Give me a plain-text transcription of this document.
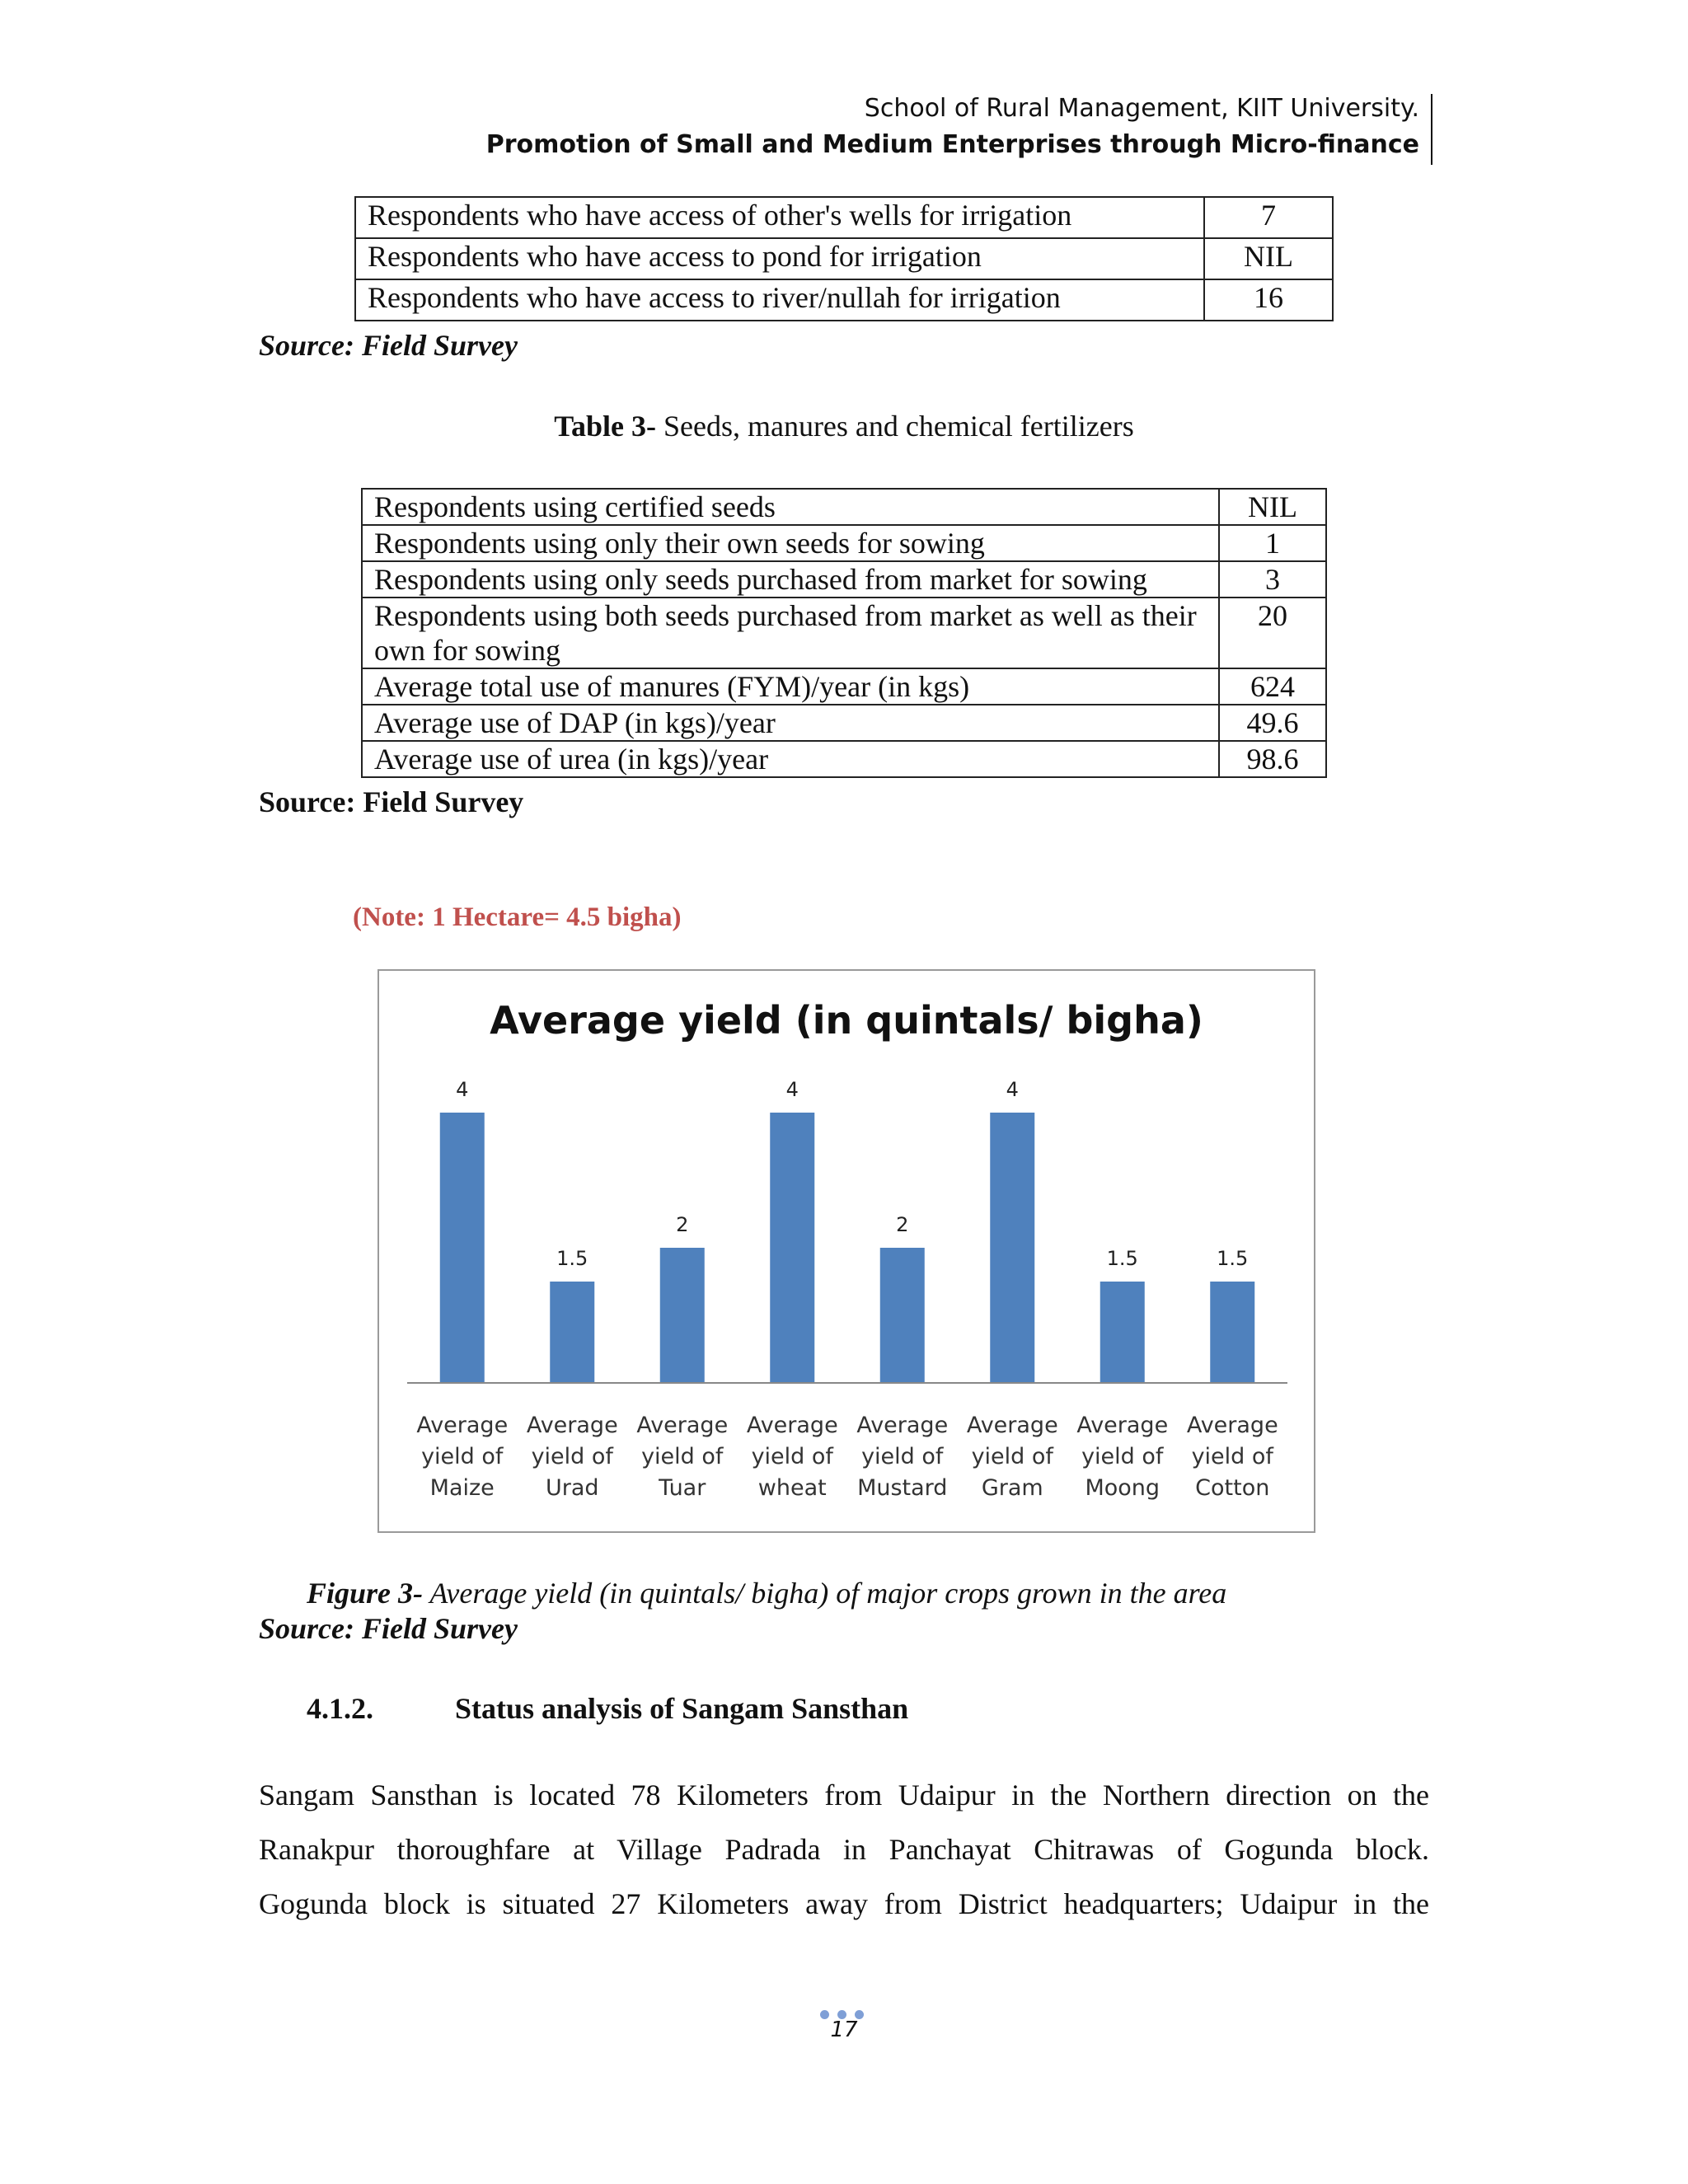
School of Rural Management, KIIT University.
Promotion of Small and Medium Enterprises through Micro-finance
Respondents who have access of other's wells for irrigation	7
Respondents who have access to pond for irrigation	NIL
Respondents who have access to river/nullah for irrigation	16
Source: Field Survey
Table 3- Seeds, manures and chemical fertilizers
Respondents using certified seeds	NIL
Respondents using only their own seeds for sowing	1
Respondents using only seeds purchased from market for sowing	3
Respondents using both seeds purchased from market as well as their own for sowing	20
Average total use of manures (FYM)/year (in kgs)	624
Average use of DAP (in kgs)/year	49.6
Average use of urea (in kgs)/year	98.6
Source: Field Survey
(Note: 1 Hectare= 4.5 bigha)
Average yield (in quintals/ bigha)
4
Average
yield of
Maize
1.5
Average
yield of
Urad
2
Average
yield of
Tuar
4
Average
yield of
wheat
2
Average
yield of
Mustard
4
Average
yield of
Gram
1.5
Average
yield of
Moong
1.5
Average
yield of
Cotton
Figure 3- Average yield (in quintals/ bigha) of major crops grown in the area
Source: Field Survey
4.1.2.	Status analysis of Sangam Sansthan
Sangam Sansthan is located 78 Kilometers from Udaipur in the Northern direction on the
Ranakpur thoroughfare at Village Padrada in Panchayat Chitrawas of Gogunda block.
Gogunda block is situated 27 Kilometers away from District headquarters; Udaipur in the
17
